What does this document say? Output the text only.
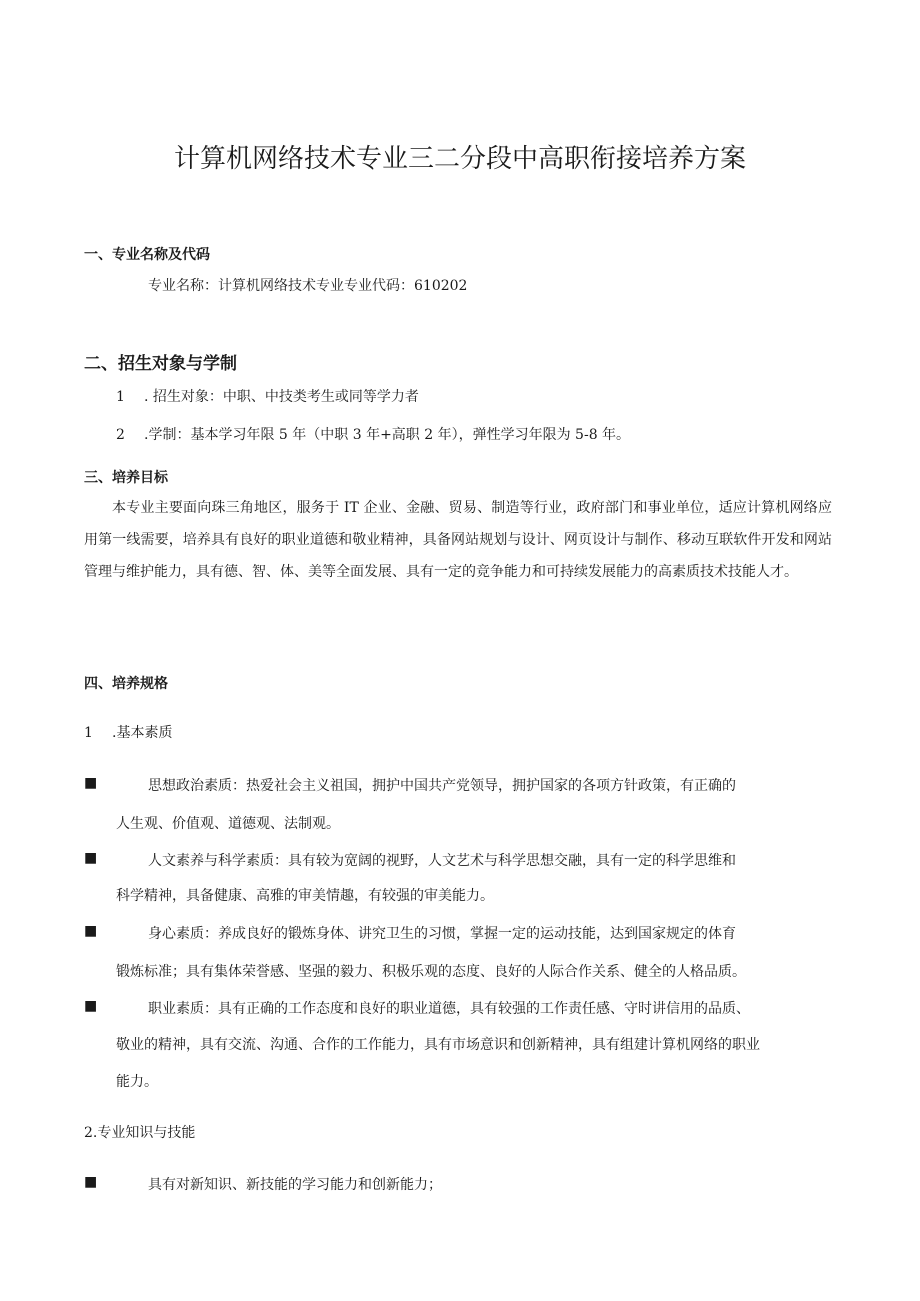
计算机网络技术专业三二分段中高职衔接培养方案
一、专业名称及代码
专业名称：计算机网络技术专业专业代码：610202
二、招生对象与学制
1 . 招生对象：中职、中技类考生或同等学力者
2 .学制：基本学习年限 5 年（中职 3 年+高职 2 年），弹性学习年限为 5-8 年。
三、培养目标
本专业主要面向珠三角地区，服务于 IT 企业、金融、贸易、制造等行业，政府部门和事业单位，适应计算机网络应用第一线需要，培养具有良好的职业道德和敬业精神，具备网站规划与设计、网页设计与制作、移动互联软件开发和网站管理与维护能力，具有德、智、体、美等全面发展、具有一定的竞争能力和可持续发展能力的高素质技术技能人才。
四、培养规格
1 .基本素质
■	思想政治素质：热爱社会主义祖国，拥护中国共产党领导，拥护国家的各项方针政策，有正确的
人生观、价值观、道德观、法制观。
■	人文素养与科学素质：具有较为宽阔的视野，人文艺术与科学思想交融，具有一定的科学思维和
科学精神，具备健康、高雅的审美情趣，有较强的审美能力。
■	身心素质：养成良好的锻炼身体、讲究卫生的习惯，掌握一定的运动技能，达到国家规定的体育
锻炼标准；具有集体荣誉感、坚强的毅力、积极乐观的态度、良好的人际合作关系、健全的人格品质。
■	职业素质：具有正确的工作态度和良好的职业道德，具有较强的工作责任感、守时讲信用的品质、
敬业的精神，具有交流、沟通、合作的工作能力，具有市场意识和创新精神，具有组建计算机网络的职业
能力。
2.专业知识与技能
■	具有对新知识、新技能的学习能力和创新能力；
